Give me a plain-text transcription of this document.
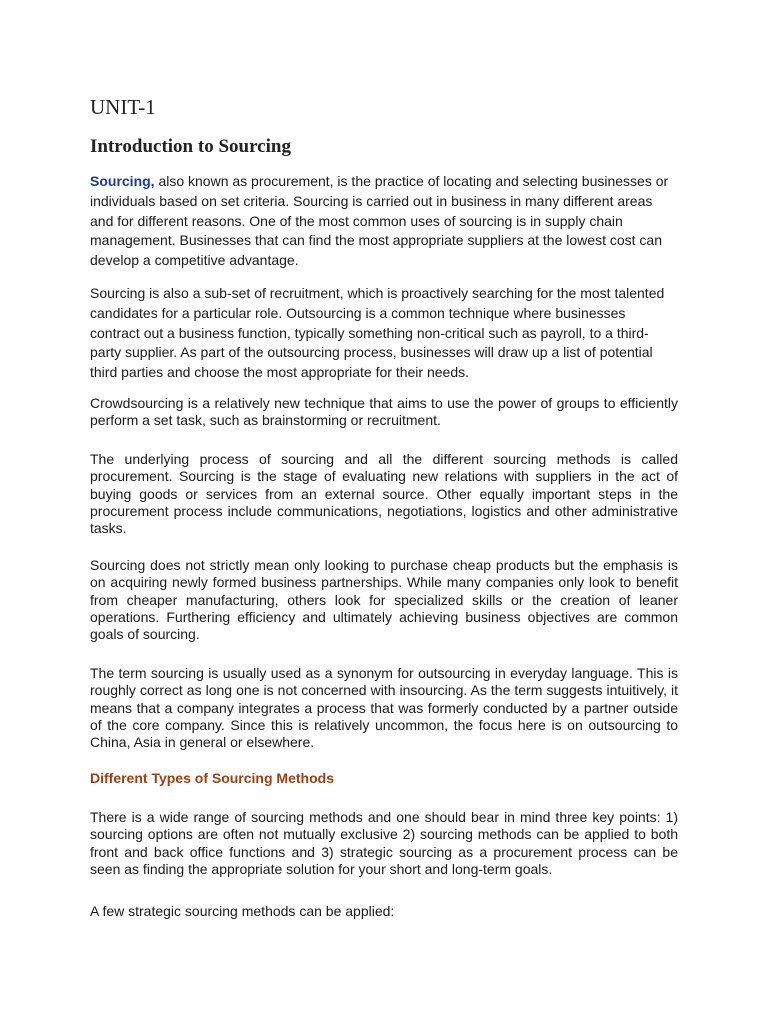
UNIT-1
Introduction to Sourcing

Sourcing, also known as procurement, is the practice of locating and selecting businesses or individuals based on set criteria. Sourcing is carried out in business in many different areas and for different reasons. One of the most common uses of sourcing is in supply chain management. Businesses that can find the most appropriate suppliers at the lowest cost can develop a competitive advantage.

Sourcing is also a sub-set of recruitment, which is proactively searching for the most talented candidates for a particular role. Outsourcing is a common technique where businesses contract out a business function, typically something non-critical such as payroll, to a third-party supplier. As part of the outsourcing process, businesses will draw up a list of potential third parties and choose the most appropriate for their needs.

Crowdsourcing is a relatively new technique that aims to use the power of groups to efficiently perform a set task, such as brainstorming or recruitment.

The underlying process of sourcing and all the different sourcing methods is called procurement. Sourcing is the stage of evaluating new relations with suppliers in the act of buying goods or services from an external source. Other equally important steps in the procurement process include communications, negotiations, logistics and other administrative tasks.

Sourcing does not strictly mean only looking to purchase cheap products but the emphasis is on acquiring newly formed business partnerships. While many companies only look to benefit from cheaper manufacturing, others look for specialized skills or the creation of leaner operations. Furthering efficiency and ultimately achieving business objectives are common goals of sourcing.

The term sourcing is usually used as a synonym for outsourcing in everyday language. This is roughly correct as long one is not concerned with insourcing. As the term suggests intuitively, it means that a company integrates a process that was formerly conducted by a partner outside of the core company. Since this is relatively uncommon, the focus here is on outsourcing to China, Asia in general or elsewhere.

Different Types of Sourcing Methods

There is a wide range of sourcing methods and one should bear in mind three key points: 1) sourcing options are often not mutually exclusive 2) sourcing methods can be applied to both front and back office functions and 3) strategic sourcing as a procurement process can be seen as finding the appropriate solution for your short and long-term goals.

A few strategic sourcing methods can be applied:
